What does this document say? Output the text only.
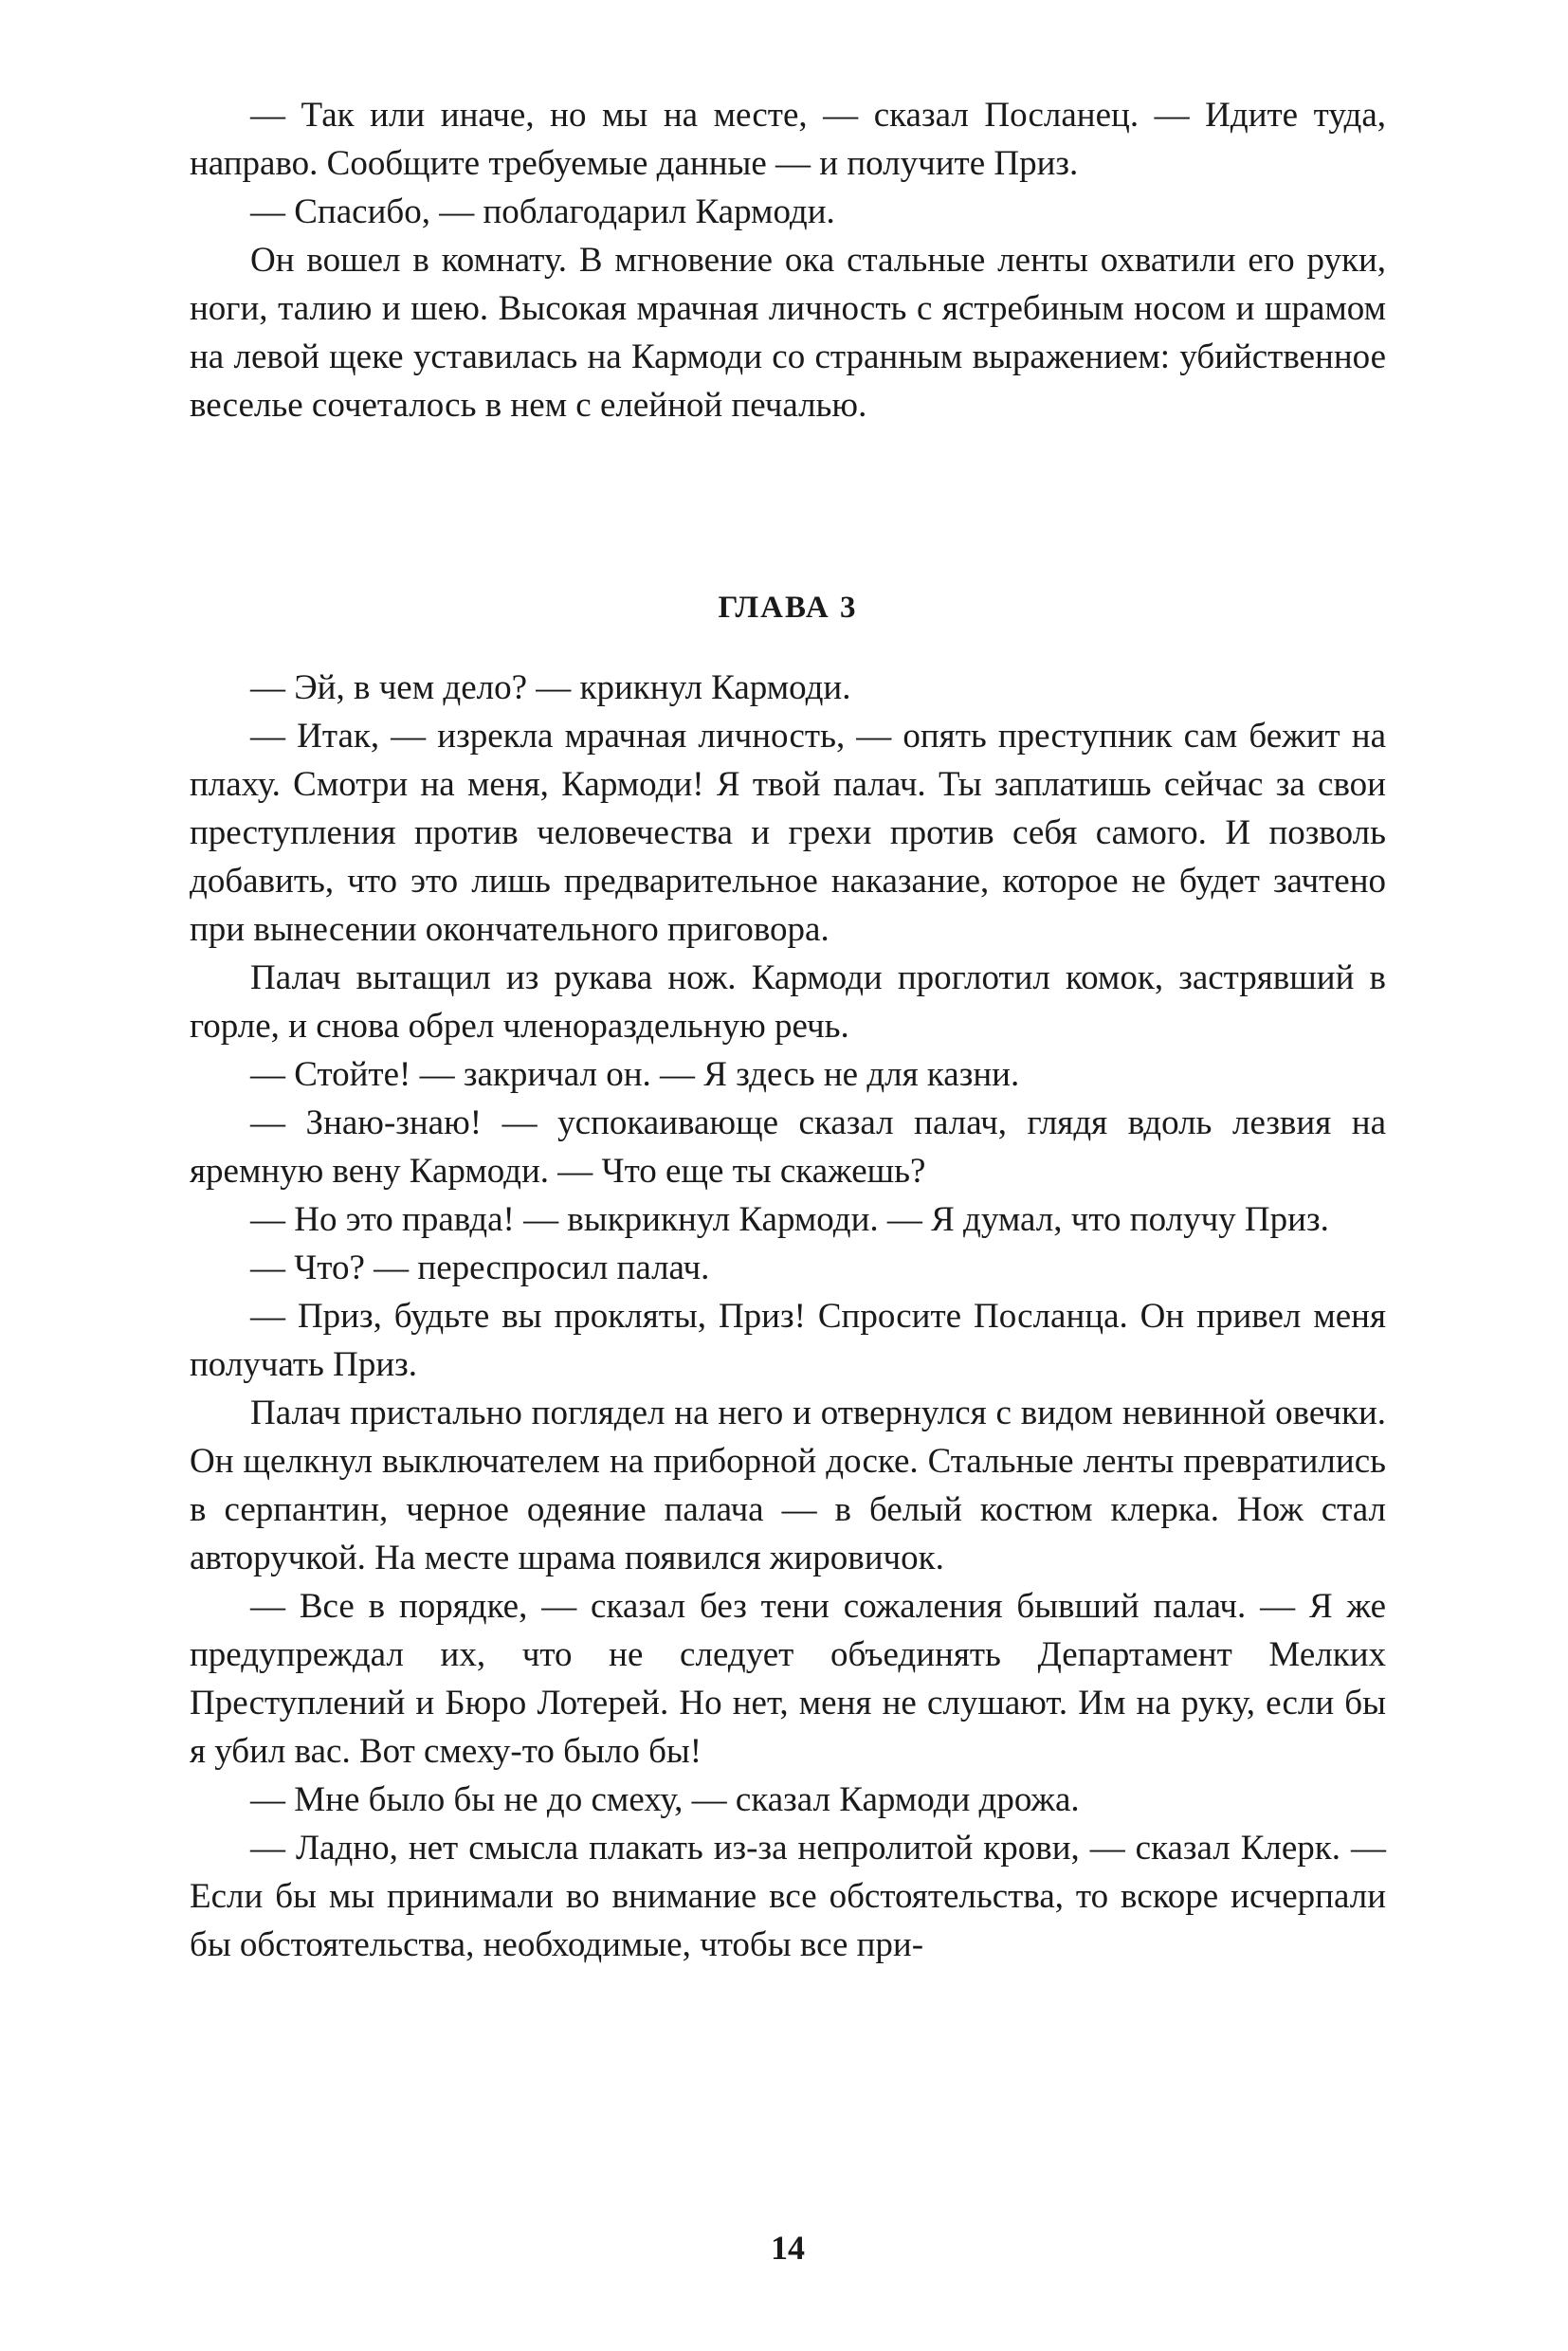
— Так или иначе, но мы на месте, — сказал Посланец. — Идите туда, направо. Сообщите требуемые данные — и получите Приз.

— Спасибо, — поблагодарил Кармоди.

Он вошел в комнату. В мгновение ока стальные ленты охватили его руки, ноги, талию и шею. Высокая мрачная личность с ястребиным носом и шрамом на левой щеке уставилась на Кармоди со странным выражением: убийственное веселье сочеталось в нем с елейной печалью.

ГЛАВА 3

— Эй, в чем дело? — крикнул Кармоди.

— Итак, — изрекла мрачная личность, — опять преступник сам бежит на плаху. Смотри на меня, Кармоди! Я твой палач. Ты заплатишь сейчас за свои преступления против человечества и грехи против себя самого. И позволь добавить, что это лишь предварительное наказание, которое не будет зачтено при вынесении окончательного приговора.

Палач вытащил из рукава нож. Кармоди проглотил комок, застрявший в горле, и снова обрел членораздельную речь.

— Стойте! — закричал он. — Я здесь не для казни.

— Знаю-знаю! — успокаивающе сказал палач, глядя вдоль лезвия на яремную вену Кармоди. — Что еще ты скажешь?

— Но это правда! — выкрикнул Кармоди. — Я думал, что получу Приз.

— Что? — переспросил палач.

— Приз, будьте вы прокляты, Приз! Спросите Посланца. Он привел меня получать Приз.

Палач пристально поглядел на него и отвернулся с видом невинной овечки. Он щелкнул выключателем на приборной доске. Стальные ленты превратились в серпантин, черное одеяние палача — в белый костюм клерка. Нож стал авторучкой. На месте шрама появился жировичок.

— Все в порядке, — сказал без тени сожаления бывший палач. — Я же предупреждал их, что не следует объединять Департамент Мелких Преступлений и Бюро Лотерей. Но нет, меня не слушают. Им на руку, если бы я убил вас. Вот смеху-то было бы!

— Мне было бы не до смеху, — сказал Кармоди дрожа.

— Ладно, нет смысла плакать из-за непролитой крови, — сказал Клерк. — Если бы мы принимали во внимание все обстоятельства, то вскоре исчерпали бы обстоятельства, необходимые, чтобы все при-

14
